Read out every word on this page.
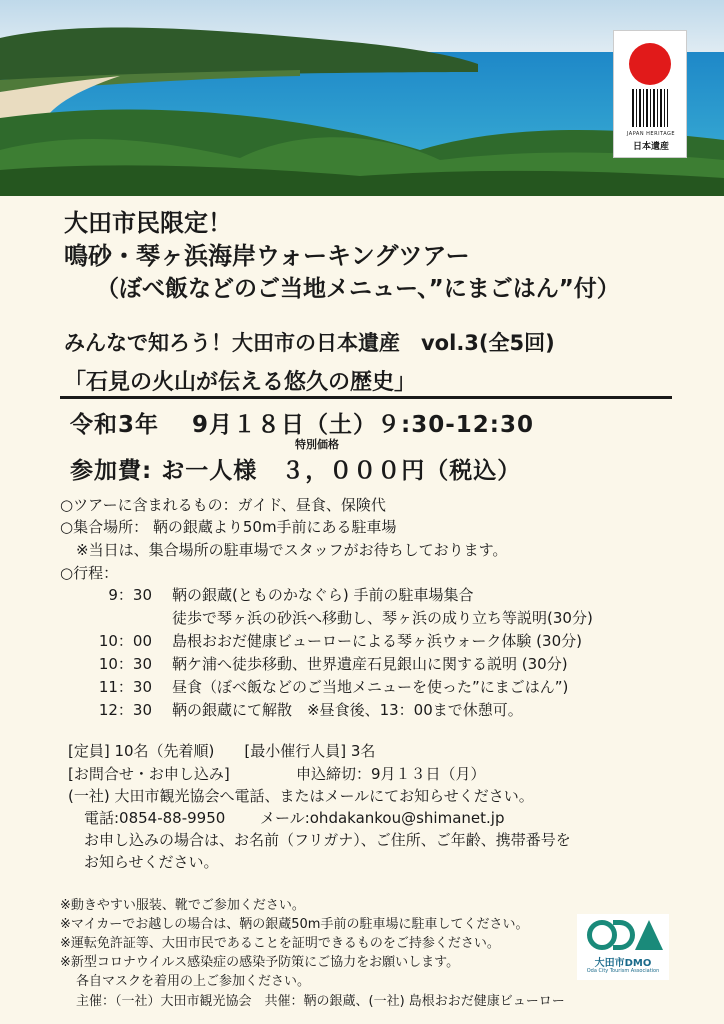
JAPAN HERITAGE
日本遺産
大田市民限定！
鳴砂・琴ヶ浜海岸ウォーキングツアー
（ぼべ飯などのご当地メニュー、”にまごはん”付）
みんなで知ろう！大田市の日本遺産　vol.3(全5回)
「石見の火山が伝える悠久の歴史」
令和3年　 9月１８日（土）９:30-12:30
特別価格
参加費: お一人様　３，０００円（税込）
○ツアーに含まれるもの：ガイド、昼食、保険代
○集合場所： 鞆の銀蔵より50m手前にある駐車場
※当日は、集合場所の駐車場でスタッフがお待ちしております。
○行程：
9：30 鞆の銀蔵(とものかなぐら) 手前の駐車場集合
徒歩で琴ヶ浜の砂浜へ移動し、琴ヶ浜の成り立ち等説明(30分)
10：00 島根おおだ健康ビューローによる琴ヶ浜ウォーク体験 (30分)
10：30 鞆ケ浦へ徒歩移動、世界遺産石見銀山に関する説明 (30分)
11：30 昼食（ぼべ飯などのご当地メニューを使った”にまごはん”)
12：30 鞆の銀蔵にて解散　※昼食後、13：00まで休憩可。
[定員] 10名（先着順)　　[最小催行人員] 3名
[お問合せ・お申し込み]	申込締切：9月１３日（月）
(一社) 大田市観光協会へ電話、またはメールにてお知らせください。
電話:0854-88-9950 メール:ohdakankou@shimanet.jp
お申し込みの場合は、お名前（フリガナ）、ご住所、ご年齢、携帯番号を
お知らせください。
※動きやすい服装、靴でご参加ください。
※マイカーでお越しの場合は、鞆の銀蔵50m手前の駐車場に駐車してください。
※運転免許証等、大田市民であることを証明できるものをご持参ください。
※新型コロナウイルス感染症の感染予防策にご協力をお願いします。
各自マスクを着用の上ご参加ください。
主催：（一社）大田市観光協会　共催：鞆の銀蔵、(一社) 島根おおだ健康ビューロー
大田市DMO
Oda City Tourism Association
